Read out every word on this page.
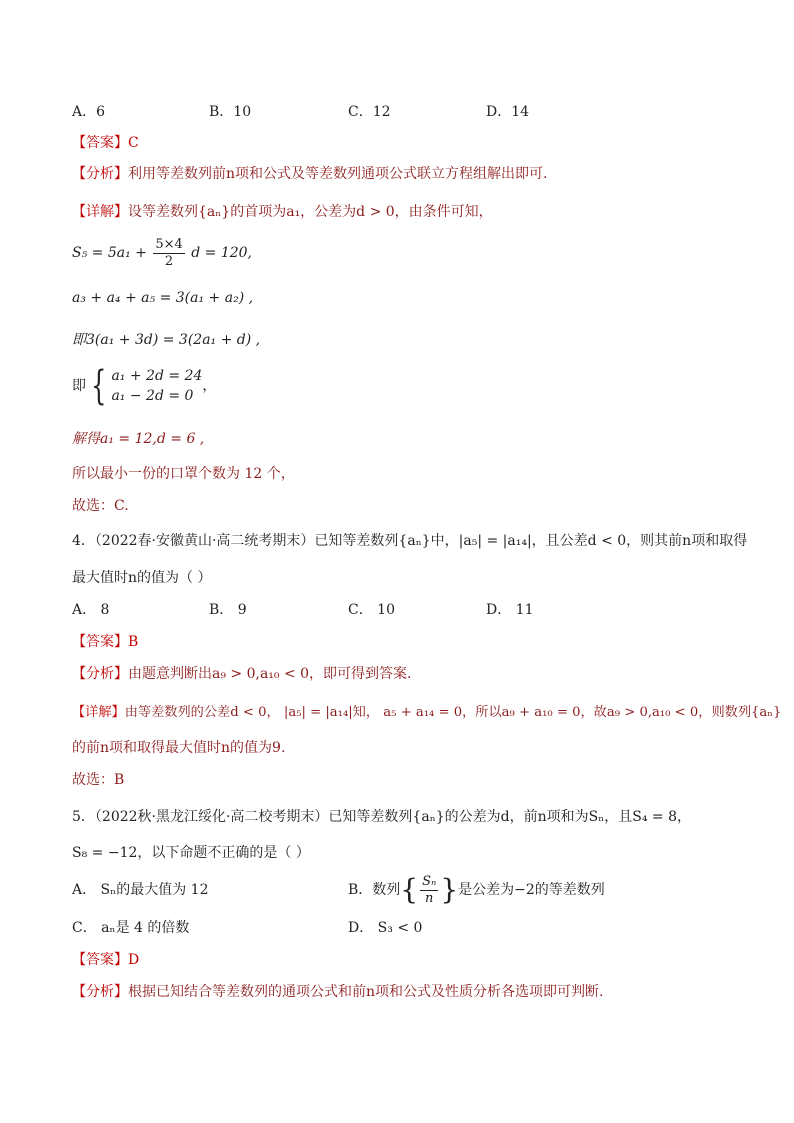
A．6	B．10	C．12	D．14
【答案】C
【分析】利用等差数列前n项和公式及等差数列通项公式联立方程组解出即可.
【详解】设等差数列{aₙ}的首项为a₁，公差为d > 0，由条件可知，
$S_5 = 5a_1 + \frac{5\times 4}{2}$ d = 120,
a₃ + a₄ + a₅ = 3(a₁ + a₂) ,
即3(a₁ + 3d) = 3(2a₁ + d) ,
即 { a₁ + 2d = 24
a₁ − 2d = 0
，
解得a₁ = 12,d = 6 ,
所以最小一份的口罩个数为 12 个，
故选：C.
4．（2022春·安徽黄山·高二统考期末）已知等差数列{aₙ}中，|a₅| = |a₁₄|，且公差d < 0，则其前n项和取得
最大值时n的值为（ ）
A． 8	B． 9	C． 10	D． 11
【答案】B
【分析】由题意判断出a₉ > 0,a₁₀ < 0，即可得到答案.
【详解】由等差数列的公差d < 0， |a₅| = |a₁₄|知， a₅ + a₁₄ = 0，所以a₉ + a₁₀ = 0，故a₉ > 0,a₁₀ < 0，则数列{aₙ}
的前n项和取得最大值时n的值为9.
故选：B
5．（2022秋·黑龙江绥化·高二校考期末）已知等差数列{aₙ}的公差为d，前n项和为Sₙ，且S₄ = 8，
S₈ = −12，以下命题不正确的是（ ）
A． Sₙ的最大值为 12	B．数列{ $\frac{\text{Sₙ}}{n}$ }是公差为−2的等差数列
C． aₙ是 4 的倍数	D． S₃ < 0
【答案】D
【分析】根据已知结合等差数列的通项公式和前n项和公式及性质分析各选项即可判断.
